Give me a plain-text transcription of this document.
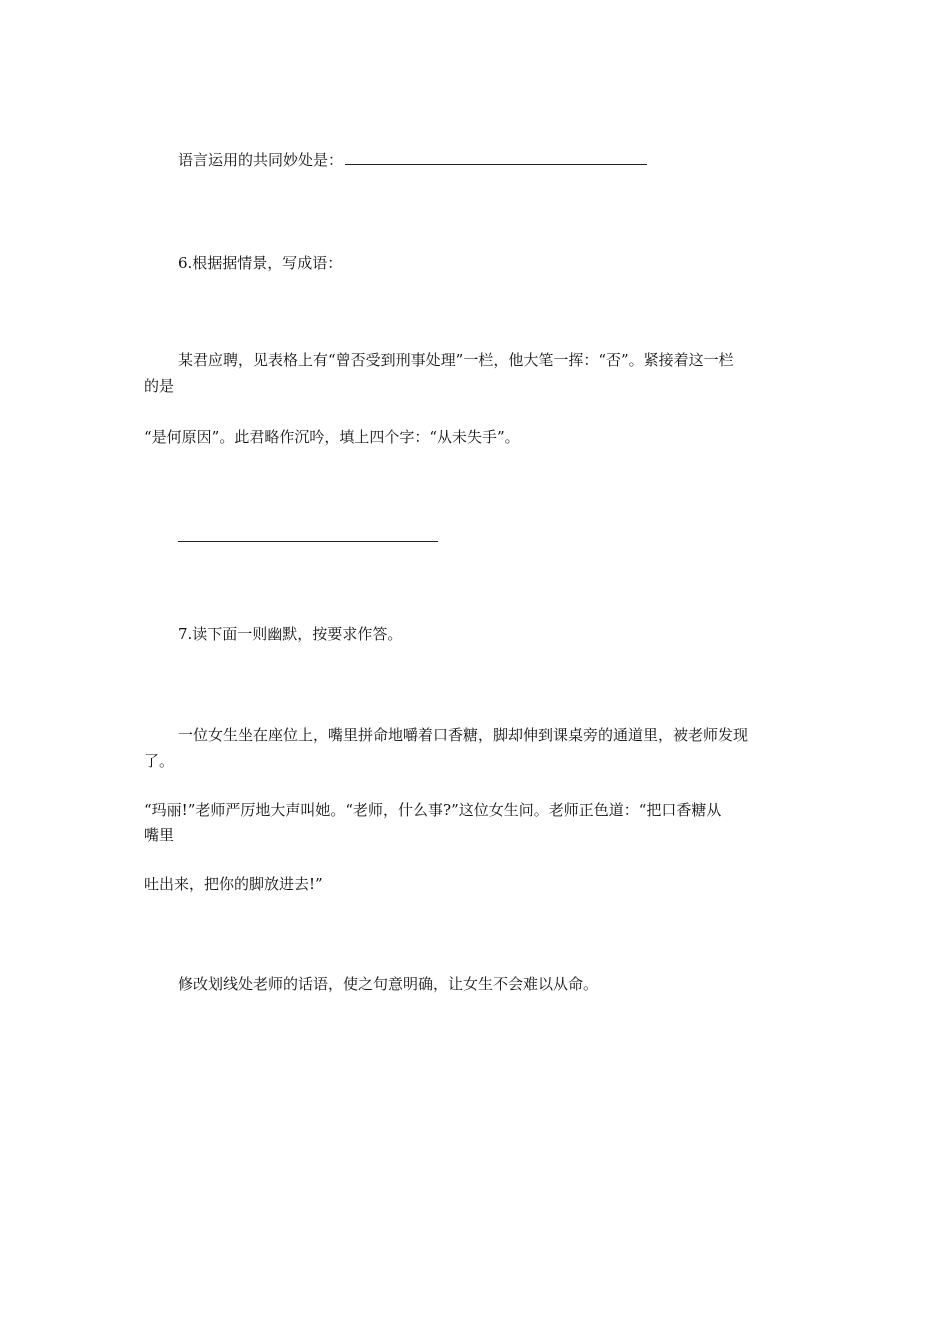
语言运用的共同妙处是：
6.根据据情景，写成语：
某君应聘，见表格上有“曾否受到刑事处理”一栏，他大笔一挥：“否”。紧接着这一栏
的是
“是何原因”。此君略作沉吟，填上四个字：“从未失手”。
7.读下面一则幽默，按要求作答。
一位女生坐在座位上，嘴里拼命地嚼着口香糖，脚却伸到课桌旁的通道里，被老师发现
了。
“玛丽!”老师严厉地大声叫她。“老师，什么事?”这位女生问。老师正色道：“把口香糖从
嘴里
吐出来，把你的脚放进去!”
修改划线处老师的话语，使之句意明确，让女生不会难以从命。
